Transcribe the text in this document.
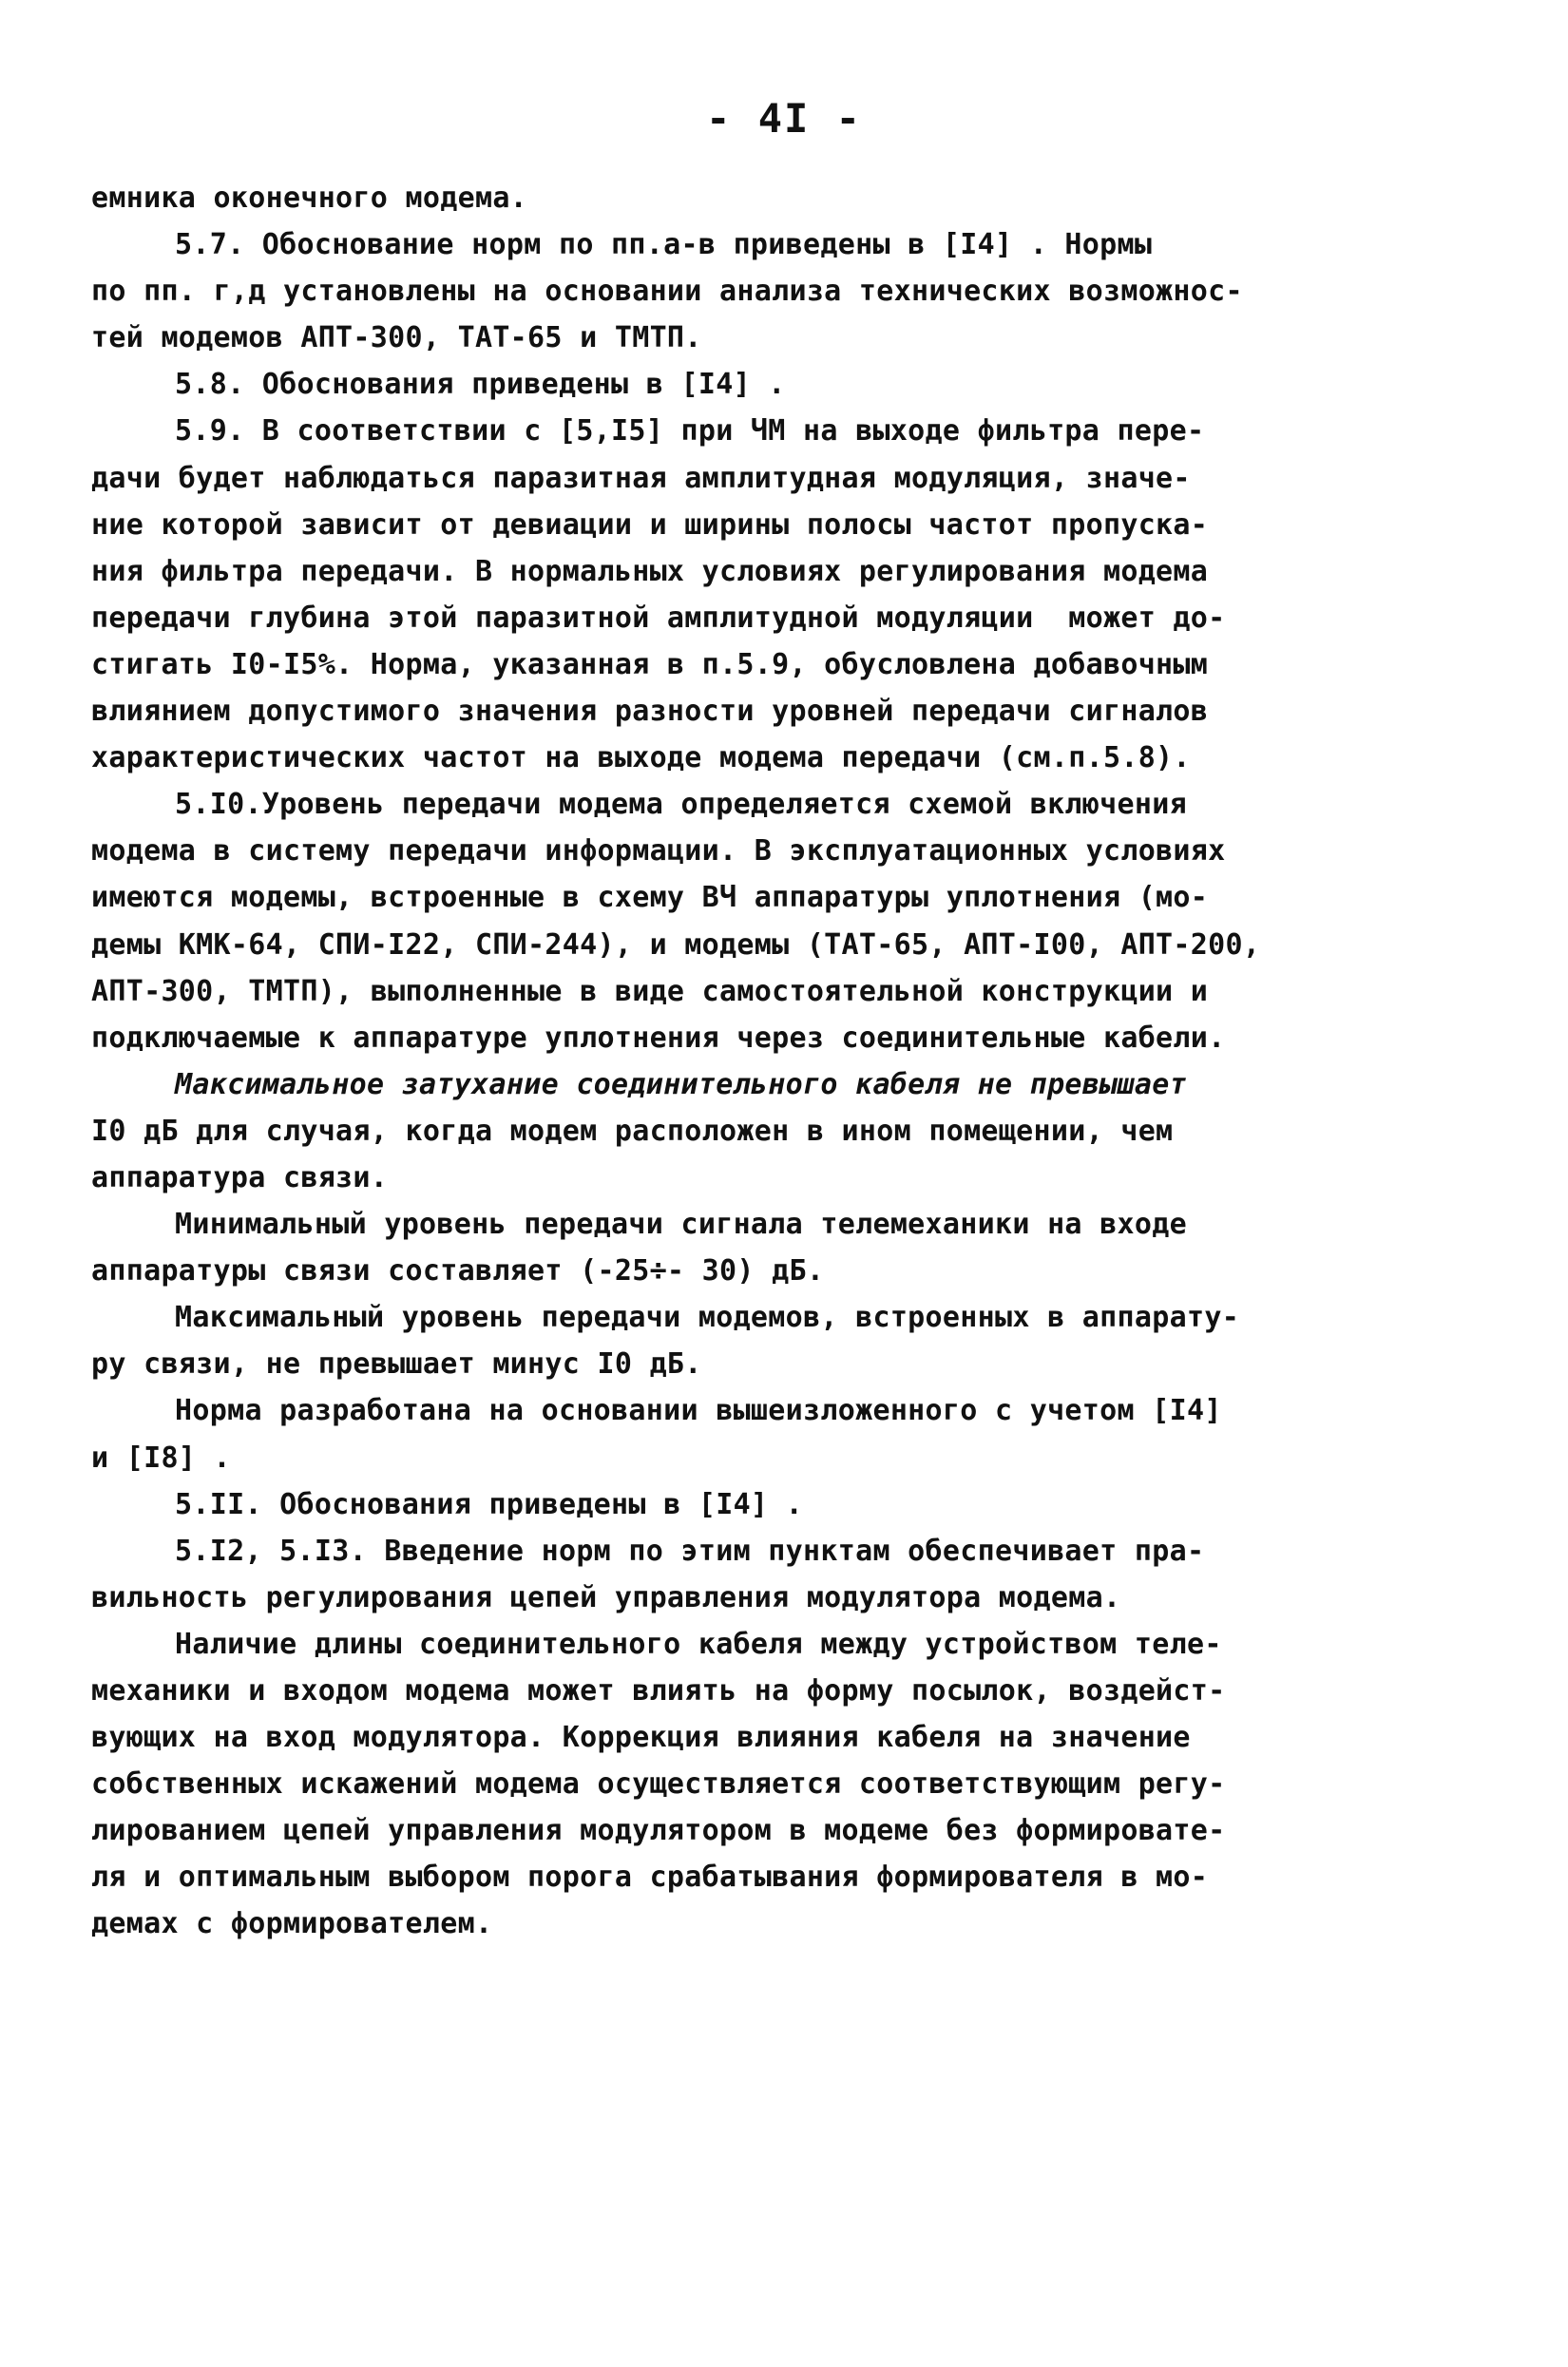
- 4I -
емника оконечного модема.
5.7. Обоснование норм по пп.а-в приведены в [I4] . Нормы
по пп. г,д установлены на основании анализа технических возможнос-
тей модемов АПТ-300, ТАТ-65 и ТМТП.
5.8. Обоснования приведены в [I4] .
5.9. В соответствии с [5,I5] при ЧМ на выходе фильтра пере-
дачи будет наблюдаться паразитная амплитудная модуляция, значе-
ние которой зависит от девиации и ширины полосы частот пропуска-
ния фильтра передачи. В нормальных условиях регулирования модема
передачи глубина этой паразитной амплитудной модуляции  может до-
стигать I0-I5%. Норма, указанная в п.5.9, обусловлена добавочным
влиянием допустимого значения разности уровней передачи сигналов
характеристических частот на выходе модема передачи (см.п.5.8).
5.I0.Уровень передачи модема определяется схемой включения
модема в систему передачи информации. В эксплуатационных условиях
имеются модемы, встроенные в схему ВЧ аппаратуры уплотнения (мо-
демы КМК-64, СПИ-I22, СПИ-244), и модемы (ТАТ-65, АПТ-I00, АПТ-200,
АПТ-300, ТМТП), выполненные в виде самостоятельной конструкции и
подключаемые к аппаратуре уплотнения через соединительные кабели.
Максимальное затухание соединительного кабеля не превышает
I0 дБ для случая, когда модем расположен в ином помещении, чем
аппаратура связи.
Минимальный уровень передачи сигнала телемеханики на входе
аппаратуры связи составляет (-25÷- 30) дБ.
Максимальный уровень передачи модемов, встроенных в аппарату-
ру связи, не превышает минус I0 дБ.
Норма разработана на основании вышеизложенного с учетом [I4]
и [I8] .
5.II. Обоснования приведены в [I4] .
5.I2, 5.I3. Введение норм по этим пунктам обеспечивает пра-
вильность регулирования цепей управления модулятора модема.
Наличие длины соединительного кабеля между устройством теле-
механики и входом модема может влиять на форму посылок, воздейст-
вующих на вход модулятора. Коррекция влияния кабеля на значение
собственных искажений модема осуществляется соответствующим регу-
лированием цепей управления модулятором в модеме без формировате-
ля и оптимальным выбором порога срабатывания формирователя в мо-
демах с формирователем.
